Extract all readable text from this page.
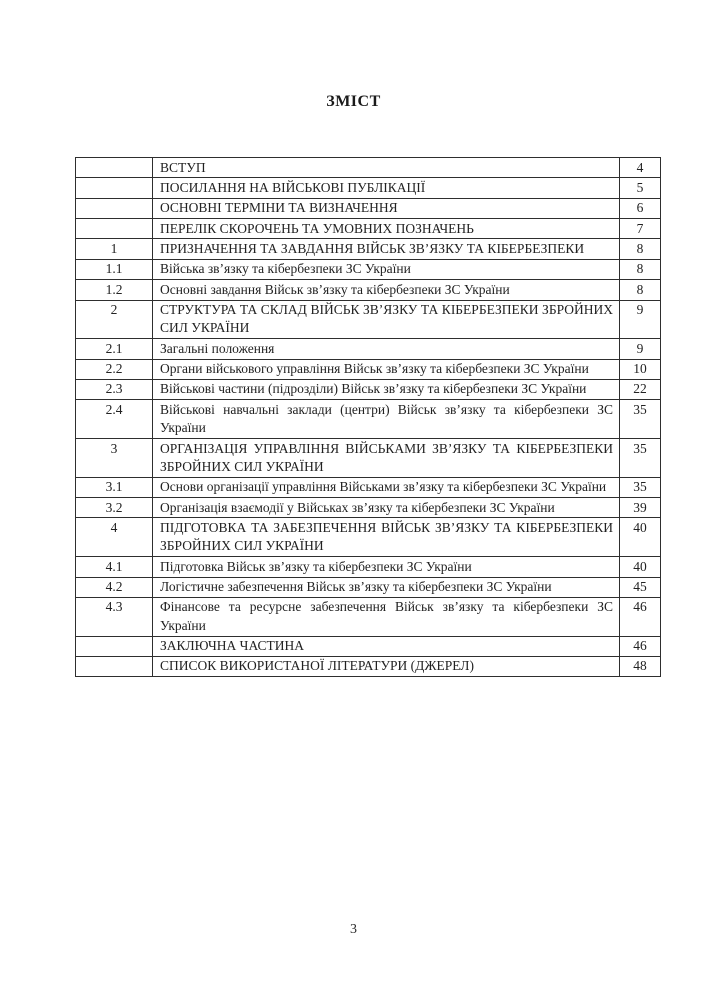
ЗМІСТ
	ВСТУП	4
	ПОСИЛАННЯ НА ВІЙСЬКОВІ ПУБЛІКАЦІЇ	5
	ОСНОВНІ ТЕРМІНИ ТА ВИЗНАЧЕННЯ	6
	ПЕРЕЛІК СКОРОЧЕНЬ ТА УМОВНИХ ПОЗНАЧЕНЬ	7
1	ПРИЗНАЧЕННЯ ТА ЗАВДАННЯ ВІЙСЬК ЗВ’ЯЗКУ ТА КІБЕРБЕЗПЕКИ	8
1.1	Війська зв’язку та кібербезпеки ЗС України	8
1.2	Основні завдання Військ зв’язку та кібербезпеки ЗС України	8
2	СТРУКТУРА ТА СКЛАД ВІЙСЬК ЗВ’ЯЗКУ ТА КІБЕРБЕЗПЕКИ ЗБРОЙНИХ СИЛ УКРАЇНИ	9
2.1	Загальні положення	9
2.2	Органи військового управління Військ зв’язку та кібербезпеки ЗС України	10
2.3	Військові частини (підрозділи) Військ зв’язку та кібербезпеки ЗС України	22
2.4	Військові навчальні заклади (центри) Військ зв’язку та кібербезпеки ЗС України	35
3	ОРГАНІЗАЦІЯ УПРАВЛІННЯ ВІЙСЬКАМИ ЗВ’ЯЗКУ ТА КІБЕРБЕЗПЕКИ ЗБРОЙНИХ СИЛ УКРАЇНИ	35
3.1	Основи організації управління Військами зв’язку та кібербезпеки ЗС України	35
3.2	Організація взаємодії у Військах зв’язку та кібербезпеки ЗС України	39
4	ПІДГОТОВКА ТА ЗАБЕЗПЕЧЕННЯ ВІЙСЬК ЗВ’ЯЗКУ ТА КІБЕРБЕЗПЕКИ ЗБРОЙНИХ СИЛ УКРАЇНИ	40
4.1	Підготовка Військ зв’язку та кібербезпеки ЗС України	40
4.2	Логістичне забезпечення Військ зв’язку та кібербезпеки ЗС України	45
4.3	Фінансове та ресурсне забезпечення Військ зв’язку та кібербезпеки ЗС України	46
	ЗАКЛЮЧНА ЧАСТИНА	46
	СПИСОК ВИКОРИСТАНОЇ ЛІТЕРАТУРИ (ДЖЕРЕЛ)	48
3
